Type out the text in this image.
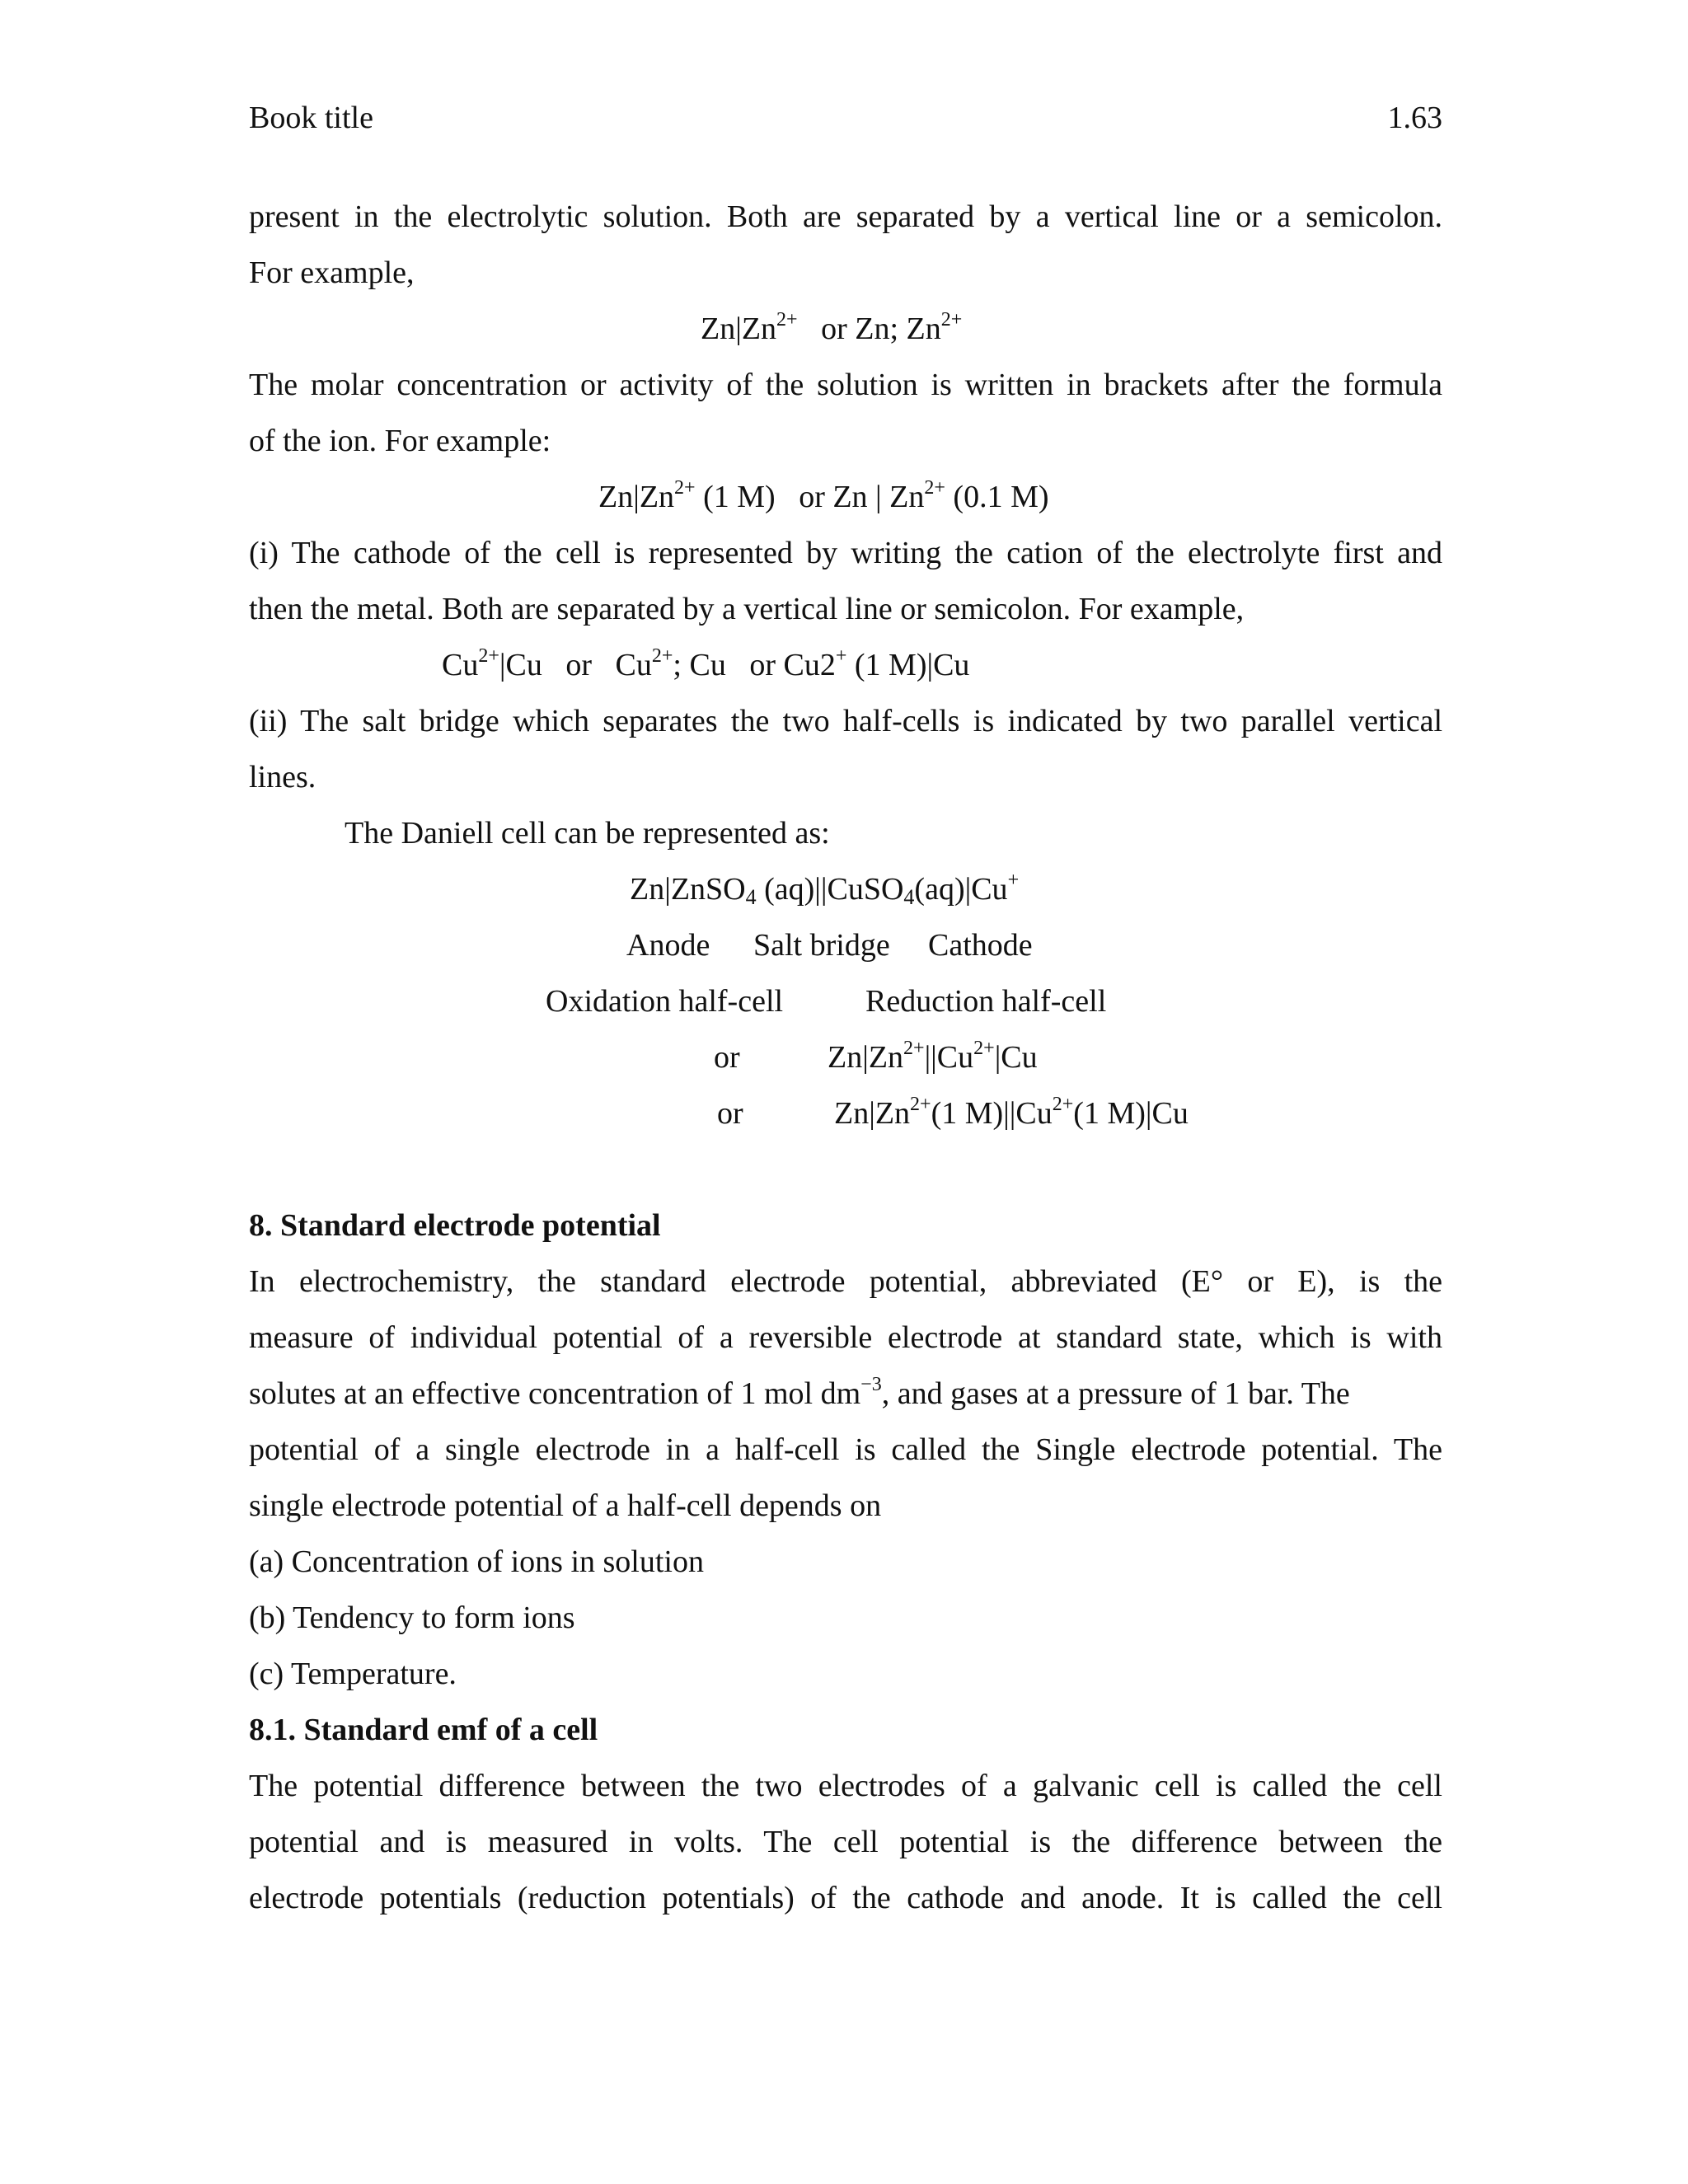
Book title	1.63
present in the electrolytic solution. Both are separated by a vertical line or a semicolon.
For example,
$Zn|Zn^{2+}$ or Zn; $Zn^{2+}$
The molar concentration or activity of the solution is written in brackets after the formula
of the ion. For example:
$Zn|Zn^{2+}$ (1 M) or Zn | $Zn^{2+}$ (0.1 M)
(i) The cathode of the cell is represented by writing the cation of the electrolyte first and
then the metal. Both are separated by a vertical line or semicolon. For example,
$Cu^{2+}|Cu$ or $Cu^{2+}$; Cu or Cu2+ (1 M)|Cu
(ii) The salt bridge which separates the two half-cells is indicated by two parallel vertical
lines.
The Daniell cell can be represented as:
Zn|ZnSO$_4$ (aq)||CuSO$_4$(aq)|Cu+
Anode Salt bridge Cathode
Oxidation half-cell	Reduction half-cell
or	$Zn|Zn^{2+}||Cu^{2+}|Cu$
or	$Zn|Zn^{2+}(1$ $M)||Cu^{2+}(1$ M)|Cu
8. Standard electrode potential
In electrochemistry, the standard electrode potential, abbreviated (E° or E), is the
measure of individual potential of a reversible electrode at standard state, which is with
solutes at an effective concentration of 1 mol $dm^{-3}$, and gases at a pressure of 1 bar. The
potential of a single electrode in a half-cell is called the Single electrode potential. The
single electrode potential of a half-cell depends on
(a) Concentration of ions in solution
(b) Tendency to form ions
(c) Temperature.
8.1. Standard emf of a cell
The potential difference between the two electrodes of a galvanic cell is called the cell
potential and is measured in volts. The cell potential is the difference between the
electrode potentials (reduction potentials) of the cathode and anode. It is called the cell
